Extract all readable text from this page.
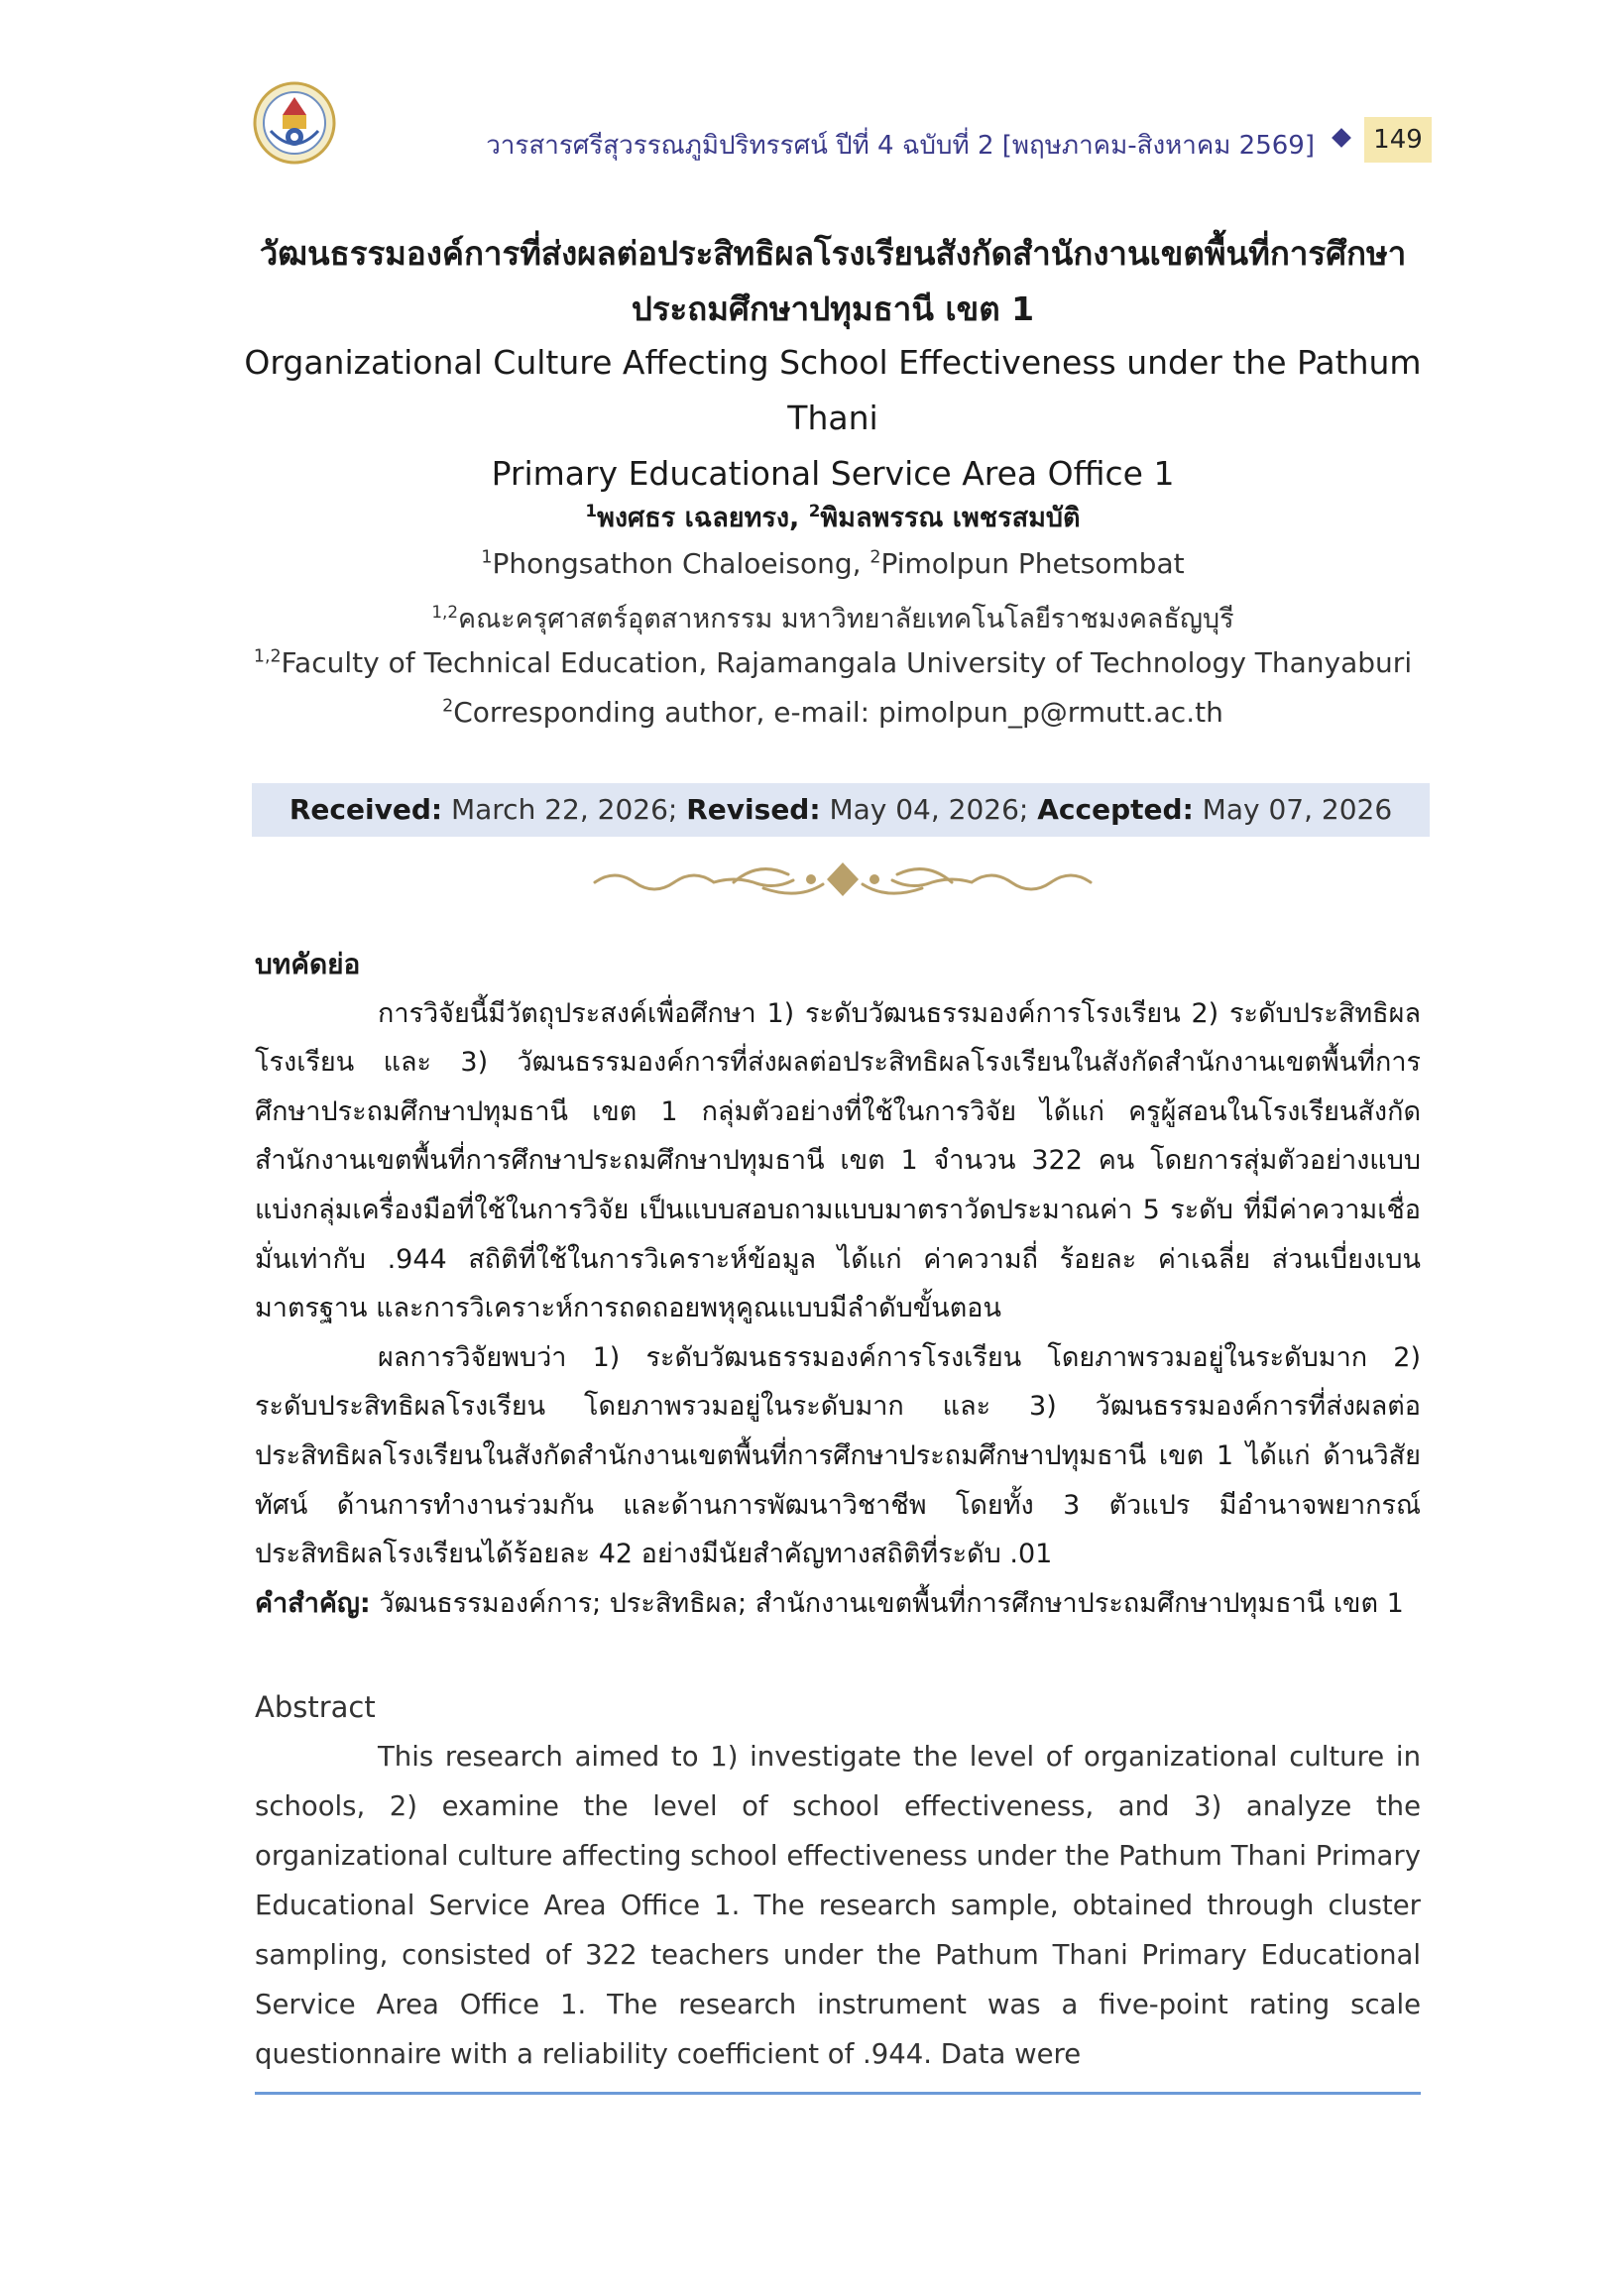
วารสารศรีสุวรรณภูมิปริทรรศน์ ปีที่ 4 ฉบับที่ 2 [พฤษภาคม-สิงหาคม 2569]	149
วัฒนธรรมองค์การที่ส่งผลต่อประสิทธิผลโรงเรียนสังกัดสำนักงานเขตพื้นที่การศึกษา
ประถมศึกษาปทุมธานี เขต 1
Organizational Culture Affecting School Effectiveness under the Pathum Thani
Primary Educational Service Area Office 1
$^1$พงศธร เฉลยทรง, $^2$พิมลพรรณ เพชรสมบัติ
$^1$Phongsathon Chaloeisong, $^2$Pimolpun Phetsombat
$^{1,2}$คณะครุศาสตร์อุตสาหกรรม มหาวิทยาลัยเทคโนโลยีราชมงคลธัญบุรี
$^{1,2}$Faculty of Technical Education, Rajamangala University of Technology Thanyaburi
$^2$Corresponding author, e-mail: pimolpun_p@rmutt.ac.th
Received: March 22, 2026; Revised: May 04, 2026; Accepted: May 07, 2026
บทคัดย่อ
การวิจัยนี้มีวัตถุประสงค์เพื่อศึกษา 1) ระดับวัฒนธรรมองค์การโรงเรียน 2) ระดับประสิทธิผลโรงเรียน และ 3) วัฒนธรรมองค์การที่ส่งผลต่อประสิทธิผลโรงเรียนในสังกัดสำนักงานเขตพื้นที่การศึกษาประถมศึกษาปทุมธานี เขต 1 กลุ่มตัวอย่างที่ใช้ในการวิจัย ได้แก่ ครูผู้สอนในโรงเรียนสังกัดสำนักงานเขตพื้นที่การศึกษาประถมศึกษาปทุมธานี เขต 1 จำนวน 322 คน โดยการสุ่มตัวอย่างแบบแบ่งกลุ่มเครื่องมือที่ใช้ในการวิจัย เป็นแบบสอบถามแบบมาตราวัดประมาณค่า 5 ระดับ ที่มีค่าความเชื่อมั่นเท่ากับ .944 สถิติที่ใช้ในการวิเคราะห์ข้อมูล ได้แก่ ค่าความถี่ ร้อยละ ค่าเฉลี่ย ส่วนเบี่ยงเบนมาตรฐาน และการวิเคราะห์การถดถอยพหุคูณแบบมีลำดับขั้นตอน
ผลการวิจัยพบว่า 1) ระดับวัฒนธรรมองค์การโรงเรียน โดยภาพรวมอยู่ในระดับมาก 2) ระดับประสิทธิผลโรงเรียน โดยภาพรวมอยู่ในระดับมาก และ 3) วัฒนธรรมองค์การที่ส่งผลต่อประสิทธิผลโรงเรียนในสังกัดสำนักงานเขตพื้นที่การศึกษาประถมศึกษาปทุมธานี เขต 1 ได้แก่ ด้านวิสัยทัศน์ ด้านการทำงานร่วมกัน และด้านการพัฒนาวิชาชีพ โดยทั้ง 3 ตัวแปร มีอำนาจพยากรณ์ประสิทธิผลโรงเรียนได้ร้อยละ 42 อย่างมีนัยสำคัญทางสถิติที่ระดับ .01
คำสำคัญ: วัฒนธรรมองค์การ; ประสิทธิผล; สำนักงานเขตพื้นที่การศึกษาประถมศึกษาปทุมธานี เขต 1
Abstract
This research aimed to 1) investigate the level of organizational culture in schools, 2) examine the level of school effectiveness, and 3) analyze the organizational culture affecting school effectiveness under the Pathum Thani Primary Educational Service Area Office 1. The research sample, obtained through cluster sampling, consisted of 322 teachers under the Pathum Thani Primary Educational Service Area Office 1. The research instrument was a five-point rating scale questionnaire with a reliability coefficient of .944. Data were
